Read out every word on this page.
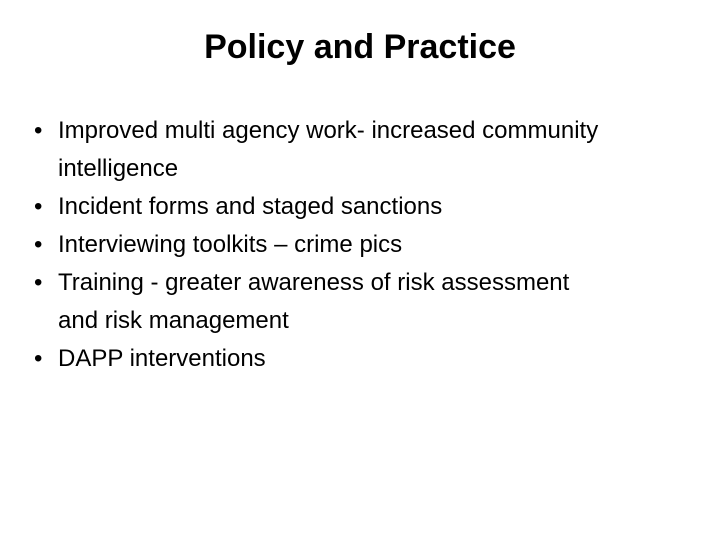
Policy and Practice
• Improved multi agency work- increased community intelligence
• Incident forms and staged sanctions
• Interviewing toolkits – crime pics
• Training - greater awareness of risk assessment and risk management
• DAPP interventions
